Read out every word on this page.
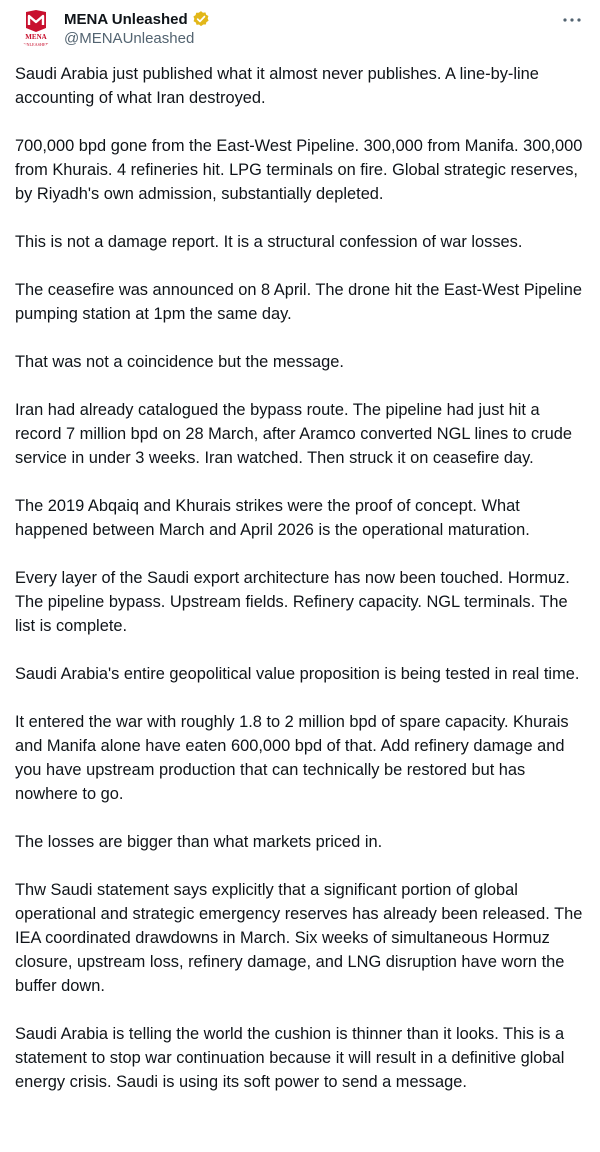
MENA
UNLEASHED
MENA Unleashed
@MENAUnleashed

Saudi Arabia just published what it almost never publishes. A line-by-line accounting of what Iran destroyed.

700,000 bpd gone from the East-West Pipeline. 300,000 from Manifa. 300,000 from Khurais. 4 refineries hit. LPG terminals on fire. Global strategic reserves, by Riyadh's own admission, substantially depleted.

This is not a damage report. It is a structural confession of war losses.

The ceasefire was announced on 8 April. The drone hit the East-West Pipeline pumping station at 1pm the same day.

That was not a coincidence but the message.

Iran had already catalogued the bypass route. The pipeline had just hit a record 7 million bpd on 28 March, after Aramco converted NGL lines to crude service in under 3 weeks. Iran watched. Then struck it on ceasefire day.

The 2019 Abqaiq and Khurais strikes were the proof of concept. What happened between March and April 2026 is the operational maturation.

Every layer of the Saudi export architecture has now been touched. Hormuz. The pipeline bypass. Upstream fields. Refinery capacity. NGL terminals. The list is complete.

Saudi Arabia's entire geopolitical value proposition is being tested in real time.

It entered the war with roughly 1.8 to 2 million bpd of spare capacity. Khurais and Manifa alone have eaten 600,000 bpd of that. Add refinery damage and you have upstream production that can technically be restored but has nowhere to go.

The losses are bigger than what markets priced in.

Thw Saudi statement says explicitly that a significant portion of global operational and strategic emergency reserves has already been released. The IEA coordinated drawdowns in March. Six weeks of simultaneous Hormuz closure, upstream loss, refinery damage, and LNG disruption have worn the buffer down.

Saudi Arabia is telling the world the cushion is thinner than it looks. This is a statement to stop war continuation because it will result in a definitive global energy crisis. Saudi is using its soft power to send a message.
